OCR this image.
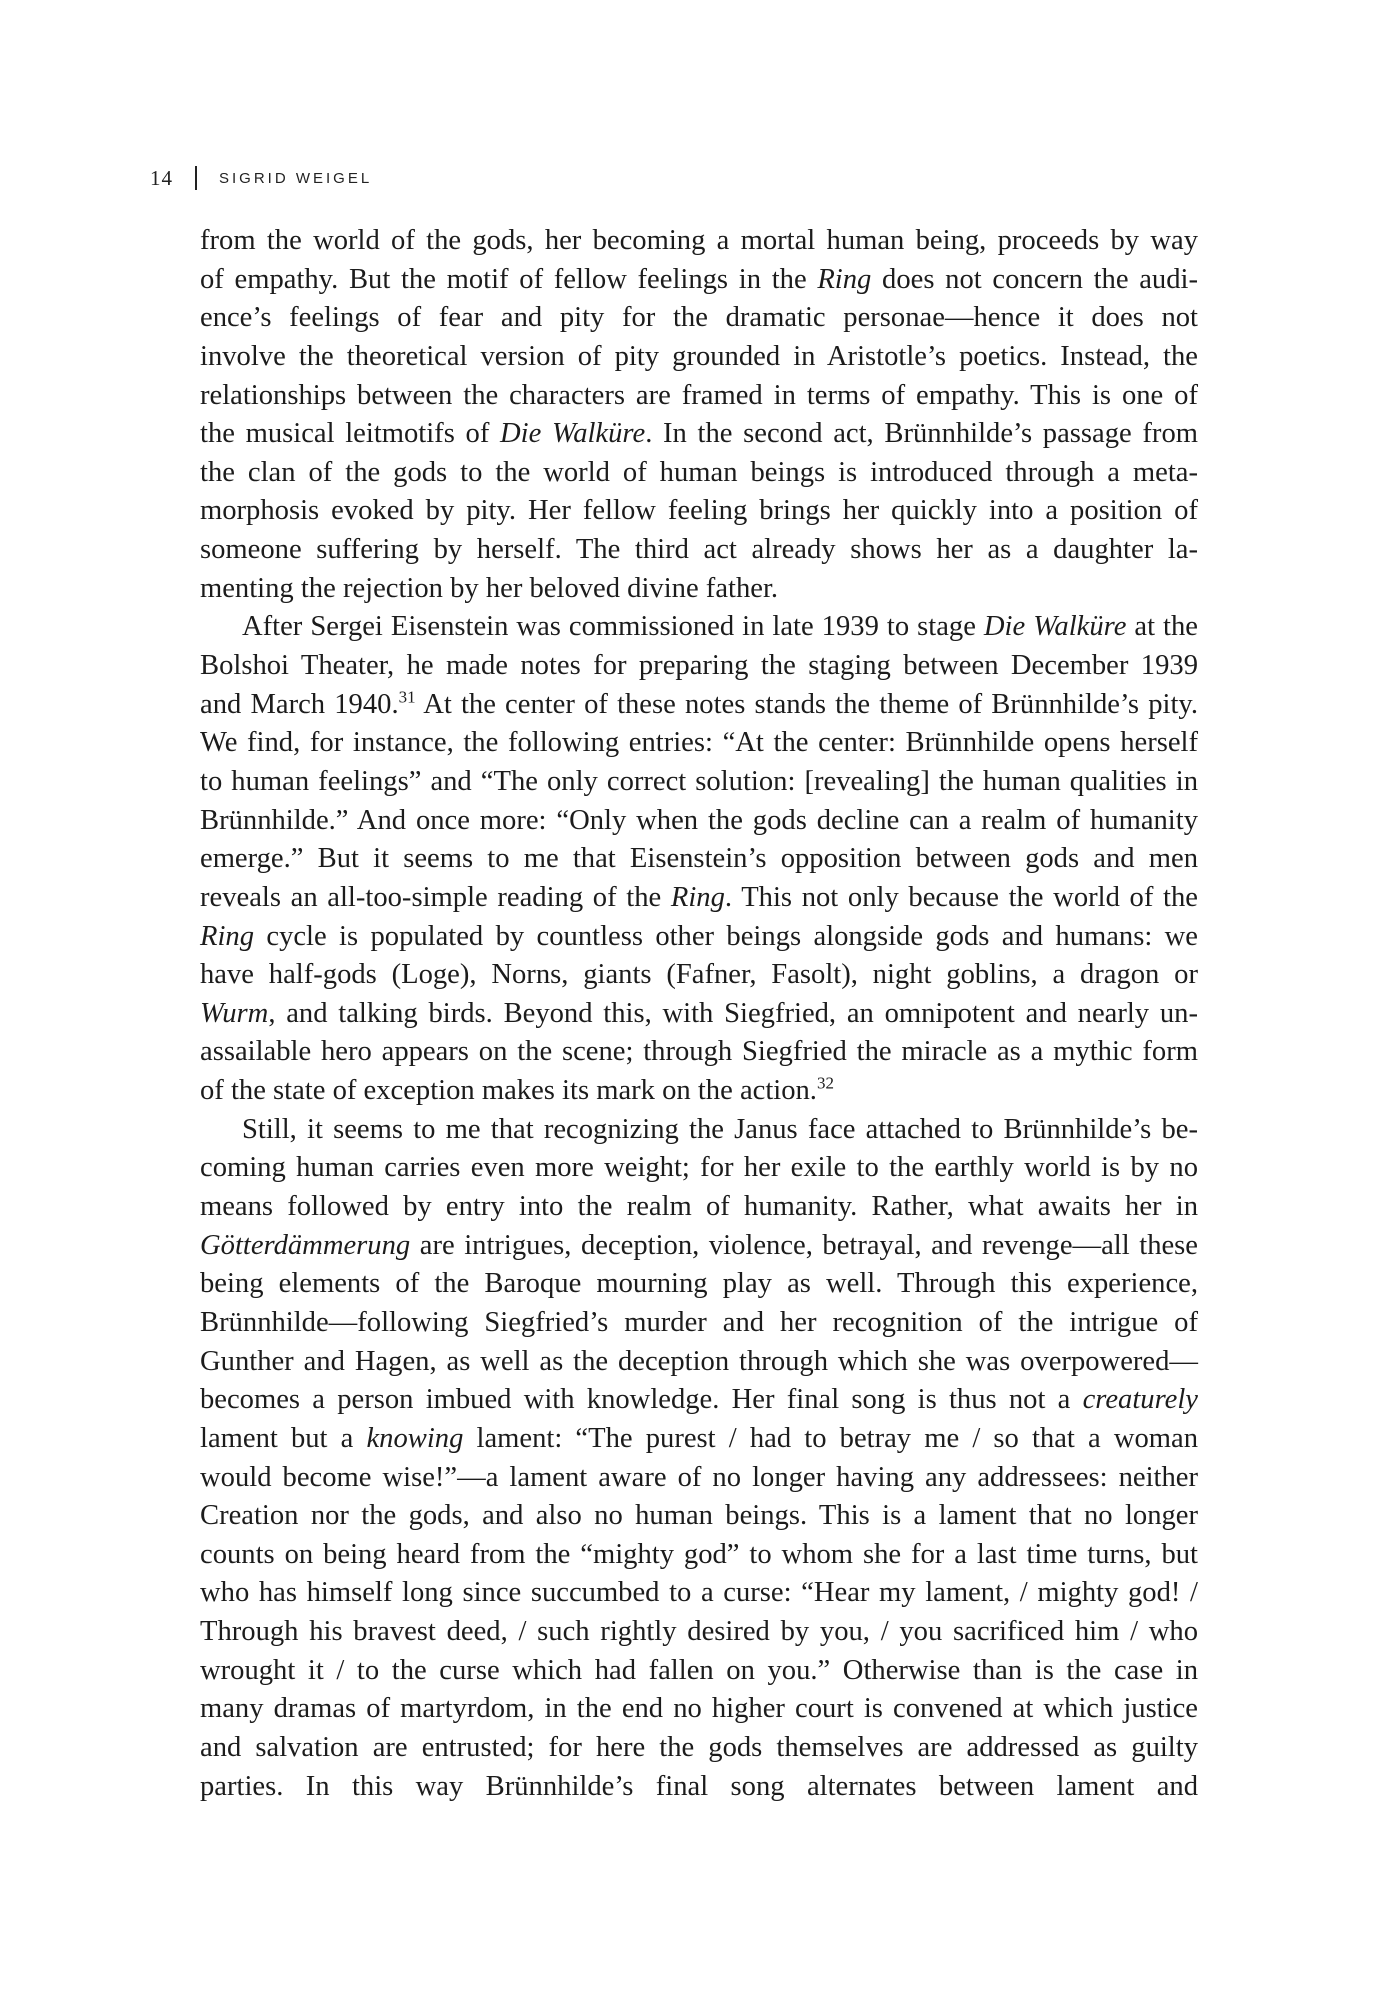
14	SIGRID WEIGEL
from the world of the gods, her becoming a mortal human being, proceeds by way
of empathy. But the motif of fellow feelings in the Ring does not concern the audi-
ence’s feelings of fear and pity for the dramatic personae—hence it does not
involve the theoretical version of pity grounded in Aristotle’s poetics. Instead, the
relationships between the characters are framed in terms of empathy. This is one of
the musical leitmotifs of Die Walküre. In the second act, Brünnhilde’s passage from
the clan of the gods to the world of human beings is introduced through a meta-
morphosis evoked by pity. Her fellow feeling brings her quickly into a position of
someone suffering by herself. The third act already shows her as a daughter la-
menting the rejection by her beloved divine father.
After Sergei Eisenstein was commissioned in late 1939 to stage Die Walküre at the
Bolshoi Theater, he made notes for preparing the staging between December 1939
and March 1940.31 At the center of these notes stands the theme of Brünnhilde’s pity.
We find, for instance, the following entries: “At the center: Brünnhilde opens herself
to human feelings” and “The only correct solution: [revealing] the human qualities in
Brünnhilde.” And once more: “Only when the gods decline can a realm of humanity
emerge.” But it seems to me that Eisenstein’s opposition between gods and men
reveals an all-too-simple reading of the Ring. This not only because the world of the
Ring cycle is populated by countless other beings alongside gods and humans: we
have half-gods (Loge), Norns, giants (Fafner, Fasolt), night goblins, a dragon or
Wurm, and talking birds. Beyond this, with Siegfried, an omnipotent and nearly un-
assailable hero appears on the scene; through Siegfried the miracle as a mythic form
of the state of exception makes its mark on the action.$^{32}$
Still, it seems to me that recognizing the Janus face attached to Brünnhilde’s be-
coming human carries even more weight; for her exile to the earthly world is by no
means followed by entry into the realm of humanity. Rather, what awaits her in
Götterdämmerung are intrigues, deception, violence, betrayal, and revenge—all these
being elements of the Baroque mourning play as well. Through this experience,
Brünnhilde—following Siegfried’s murder and her recognition of the intrigue of
Gunther and Hagen, as well as the deception through which she was overpowered—
becomes a person imbued with knowledge. Her final song is thus not a creaturely
lament but a knowing lament: “The purest / had to betray me / so that a woman
would become wise!”—a lament aware of no longer having any addressees: neither
Creation nor the gods, and also no human beings. This is a lament that no longer
counts on being heard from the “mighty god” to whom she for a last time turns, but
who has himself long since succumbed to a curse: “Hear my lament, / mighty god! /
Through his bravest deed, / such rightly desired by you, / you sacrificed him / who
wrought it / to the curse which had fallen on you.” Otherwise than is the case in
many dramas of martyrdom, in the end no higher court is convened at which justice
and salvation are entrusted; for here the gods themselves are addressed as guilty
parties. In this way Brünnhilde’s final song alternates between lament and
